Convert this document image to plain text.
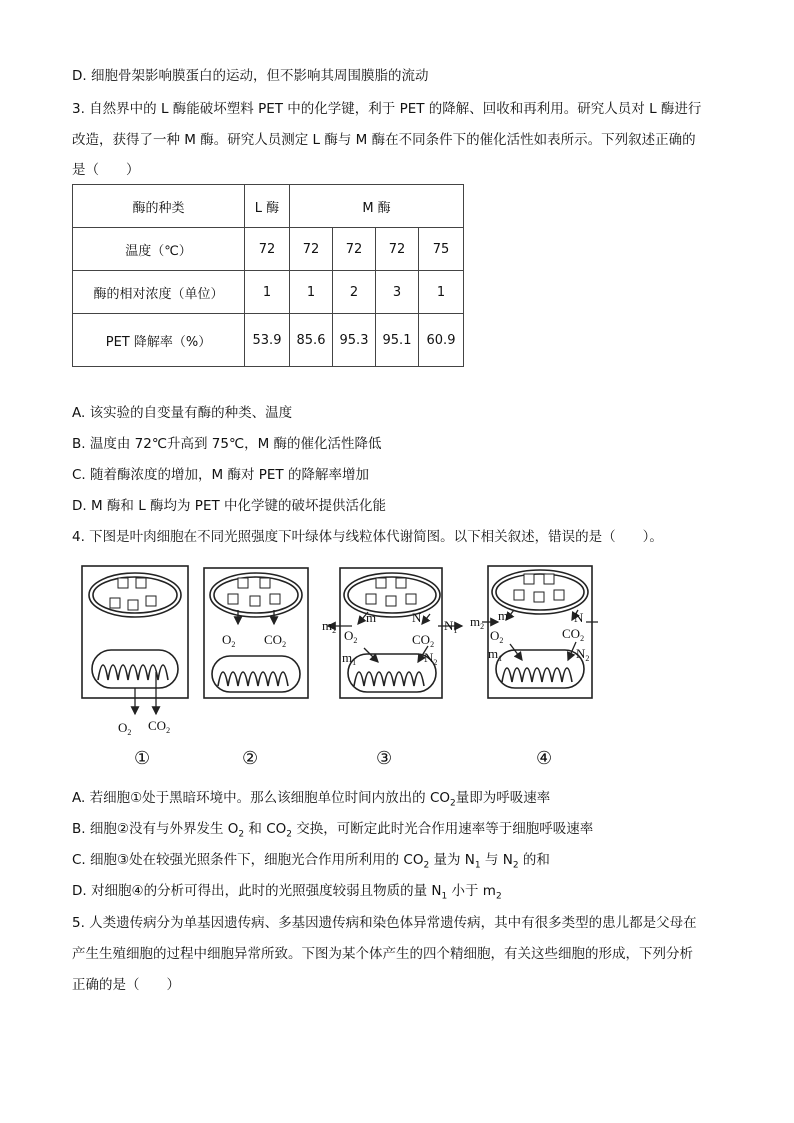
D. 细胞骨架影响膜蛋白的运动，但不影响其周围膜脂的流动
3. 自然界中的 L 酶能破坏塑料 PET 中的化学键，利于 PET 的降解、回收和再利用。研究人员对 L 酶进行
改造，获得了一种 M 酶。研究人员测定 L 酶与 M 酶在不同条件下的催化活性如表所示。下列叙述正确的
是（　　）
酶的种类	L 酶	M 酶			
温度（℃）	72	72	72	72	75
酶的相对浓度（单位）	1	1	2	3	1
PET 降解率（%）	53.9	85.6	95.3	95.1	60.9
A. 该实验的自变量有酶的种类、温度
B. 温度由 72℃升高到 75℃，M 酶的催化活性降低
C. 随着酶浓度的增加，M 酶对 PET 的降解率增加
D. M 酶和 L 酶均为 PET 中化学键的破坏提供活化能
4. 下图是叶肉细胞在不同光照强度下叶绿体与线粒体代谢简图。以下相关叙述，错误的是（　　）。
$O_2$ $CO_2$
$O_2$ $CO_2$
$m_2$
m
$O_2$
$m_1$
N
$CO_2$
$N_1$
$N_2$
$m_2$
m
$O_2$
$m_1$
N
$CO_2$
$N_2$
①	②	③	④
A. 若细胞①处于黑暗环境中。那么该细胞单位时间内放出的 $CO_2$量即为呼吸速率
B. 细胞②没有与外界发生 $O_2$ 和 $CO_2$ 交换，可断定此时光合作用速率等于细胞呼吸速率
C. 细胞③处在较强光照条件下，细胞光合作用所利用的 $CO_2$ 量为 $N_1$ 与 $N_2$ 的和
D. 对细胞④的分析可得出，此时的光照强度较弱且物质的量 $N_1$ 小于 $m_2$
5. 人类遗传病分为单基因遗传病、多基因遗传病和染色体异常遗传病，其中有很多类型的患儿都是父母在
产生生殖细胞的过程中细胞异常所致。下图为某个体产生的四个精细胞，有关这些细胞的形成，下列分析
正确的是（　　）
